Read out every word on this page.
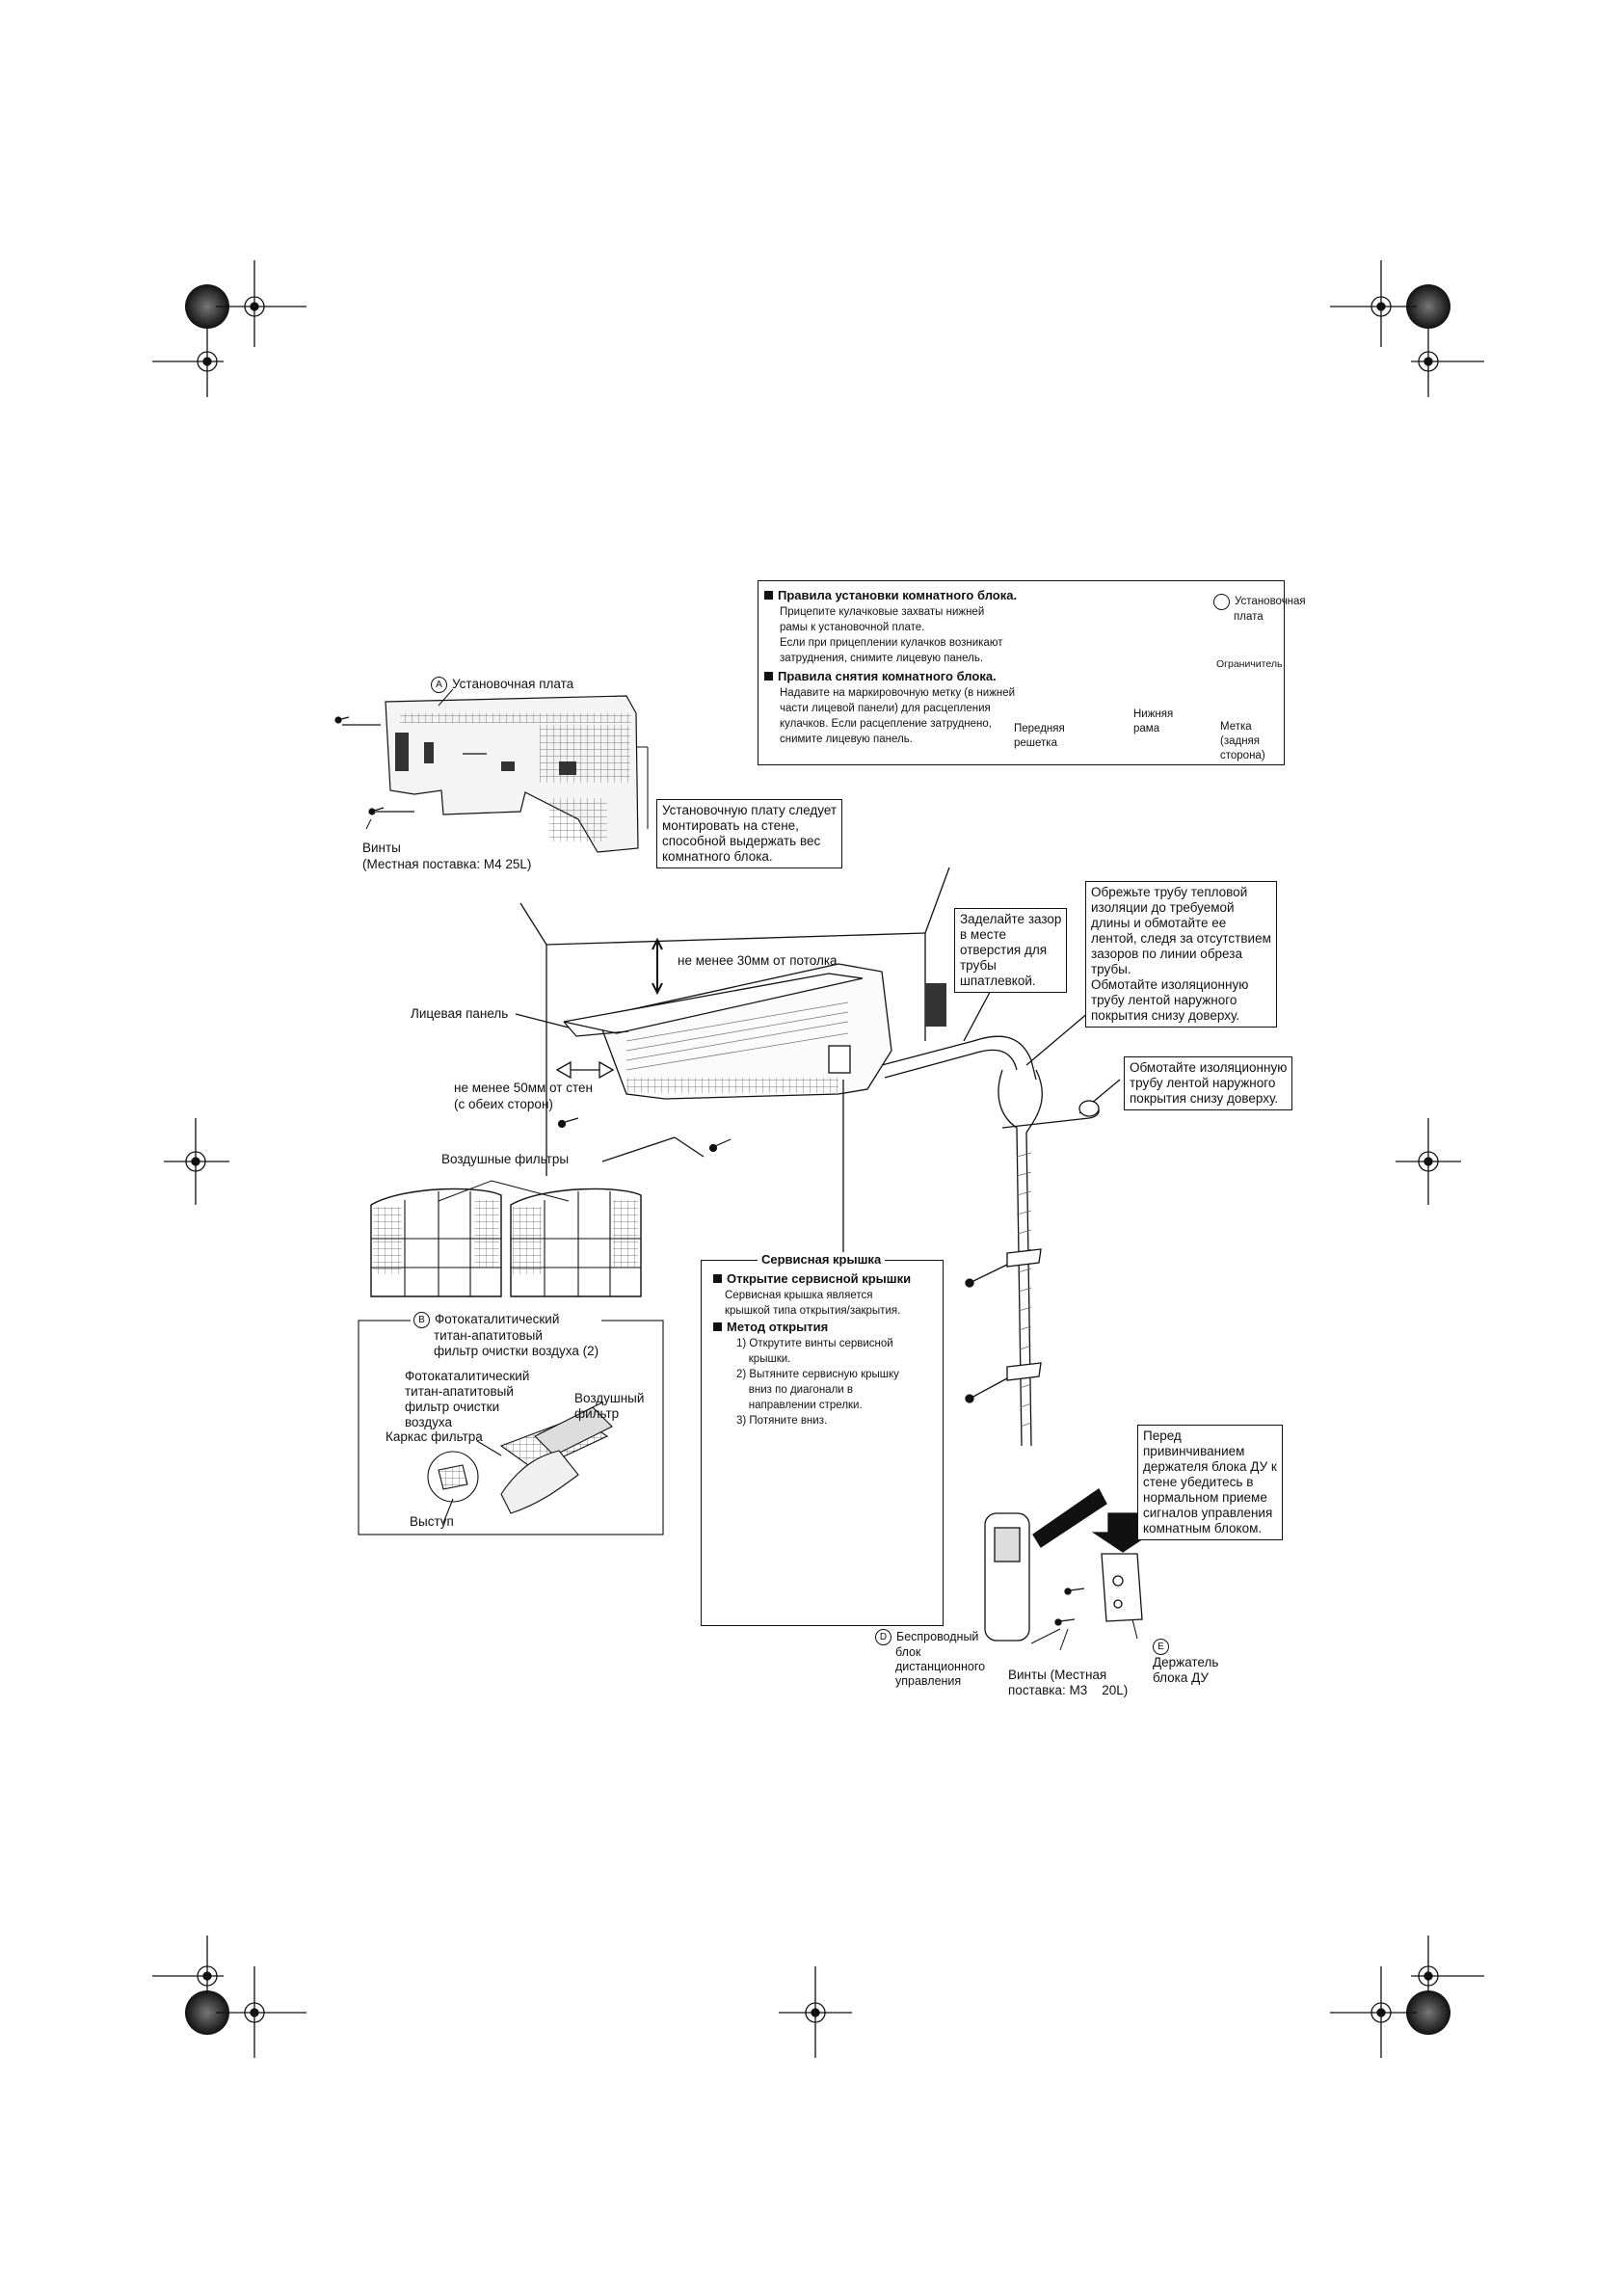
A Установочная плата
Винты
(Местная поставка: M4 25L)
Установочную плату следует
монтировать на стене,
способной выдержать вес
комнатного блока.
Правила установки комнатного блока.
Прицепите кулачковые захваты нижней
рамы к установочной плате.
Если при прицеплении кулачков возникают
затруднения, снимите лицевую панель.
Правила снятия комнатного блока.
Надавите на маркировочную метку (в нижней
части лицевой панели) для расцепления
кулачков. Если расцепление затруднено,
снимите лицевую панель.
Установочная
плата
Ограничитель
Передняя
решетка
Нижняя
рама	Метка
(задняя
сторона)
не менее 30мм от потолка
Лицевая панель
не менее 50мм от стен
(с обеих сторон)
Воздушные фильтры
Заделайте зазор
в месте
отверстия для
трубы
шпатлевкой.
Обрежьте трубу тепловой
изоляции до требуемой
длины и обмотайте ее
лентой, следя за отсутствием
зазоров по линии обреза
трубы.
Обмотайте изоляционную
трубу лентой наружного
покрытия снизу доверху.
Обмотайте изоляционную
трубу лентой наружного
покрытия снизу доверху.
B Фотокаталитический
титан-апатитовый
фильтр очистки воздуха (2)
Фотокаталитический
титан-апатитовый
фильтр очистки
воздуха
Воздушный
фильтр
Каркас фильтра
Выступ
Сервисная крышка
Открытие сервисной крышки
Сервисная крышка является
крышкой типа открытия/закрытия.
Метод открытия
1) Открутите винты сервисной
крышки.
2) Вытяните сервисную крышку
вниз по диагонали в
направлении стрелки.
3) Потяните вниз.
Перед
привинчиванием
держателя блока ДУ к
стене убедитесь в
нормальном приеме
сигналов управления
комнатным блоком.
D Беспроводный
блок
дистанционного
управления	Винты (Местная
поставка: M3    20L)
E
Держатель
блока ДУ
